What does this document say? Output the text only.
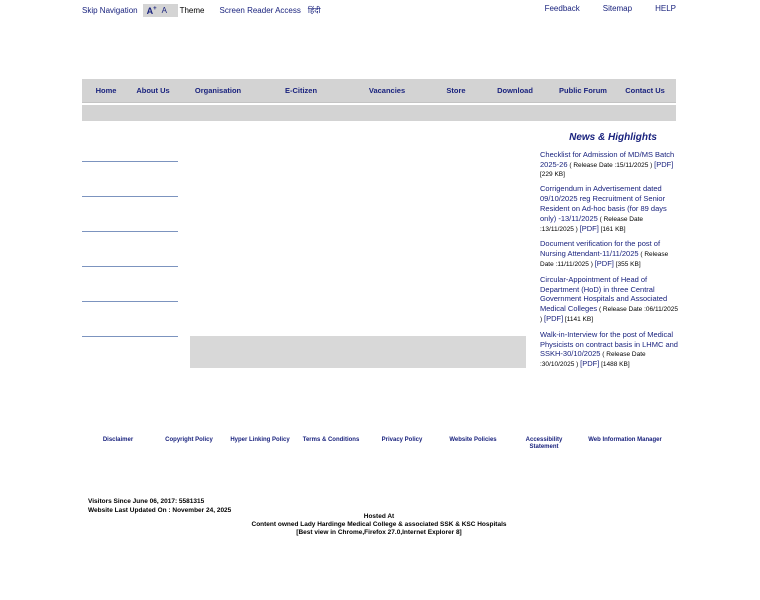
Skip Navigation A+ A Theme Screen Reader Access हिंदी	Feedback	Sitemap	HELP
Home	About Us	Organisation	E-Citizen	Vacancies	Store	Download	Public Forum Contact Us
News & Highlights
Checklist for Admission of MD/MS Batch 2025-26 ( Release Date :15/11/2025 ) [PDF] [229 KB]
Corrigendum in Advertisement dated 09/10/2025 reg Recruitment of Senior Resident on Ad-hoc basis (for 89 days only) -13/11/2025 ( Release Date :13/11/2025 ) [PDF] [161 KB]
Document verification for the post of Nursing Attendant-11/11/2025 ( Release Date :11/11/2025 ) [PDF] [355 KB]
Circular-Appointment of Head of Department (HoD) in three Central Government Hospitals and Associated Medical Colleges ( Release Date :06/11/2025 ) [PDF] [1141 KB]
Walk-in-Interview for the post of Medical Physicists on contract basis in LHMC and SSKH-30/10/2025 ( Release Date :30/10/2025 ) [PDF] [1488 KB]
Disclaimer	Copyright Policy	Hyper Linking Policy Terms & Conditions	Privacy Policy	Website Policies	Accessibility Statement
Web Information Manager
Visitors Since June 06, 2017: 5581315
Website Last Updated On : November 24, 2025
Hosted At
Content owned Lady Hardinge Medical College & associated SSK & KSC Hospitals
[Best view in Chrome,Firefox 27.0,Internet Explorer 8]
